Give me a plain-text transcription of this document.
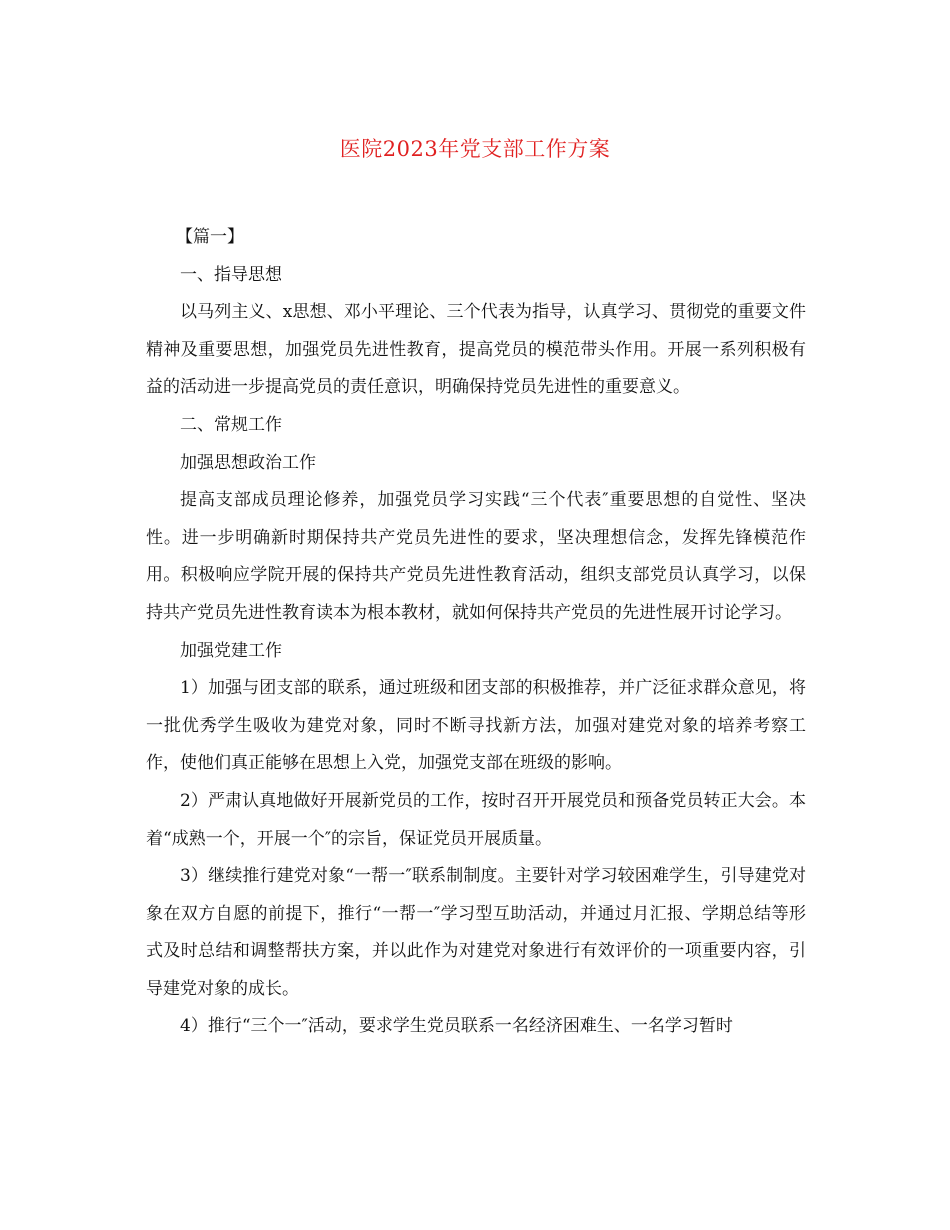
医院2023年党支部工作方案

【篇一】

一、指导思想

以马列主义、x思想、邓小平理论、三个代表为指导，认真学习、贯彻党的重要文件精神及重要思想，加强党员先进性教育，提高党员的模范带头作用。开展一系列积极有益的活动进一步提高党员的责任意识，明确保持党员先进性的重要意义。

二、常规工作

加强思想政治工作

提高支部成员理论修养，加强党员学习实践“三个代表″重要思想的自觉性、坚决性。进一步明确新时期保持共产党员先进性的要求，坚决理想信念，发挥先锋模范作用。积极响应学院开展的保持共产党员先进性教育活动，组织支部党员认真学习，以保持共产党员先进性教育读本为根本教材，就如何保持共产党员的先进性展开讨论学习。

加强党建工作

1）加强与团支部的联系，通过班级和团支部的积极推荐，并广泛征求群众意见，将一批优秀学生吸收为建党对象，同时不断寻找新方法，加强对建党对象的培养考察工作，使他们真正能够在思想上入党，加强党支部在班级的影响。

2）严肃认真地做好开展新党员的工作，按时召开开展党员和预备党员转正大会。本着“成熟一个，开展一个″的宗旨，保证党员开展质量。

3）继续推行建党对象“一帮一″联系制制度。主要针对学习较困难学生，引导建党对象在双方自愿的前提下，推行“一帮一″学习型互助活动，并通过月汇报、学期总结等形式及时总结和调整帮扶方案，并以此作为对建党对象进行有效评价的一项重要内容，引导建党对象的成长。

4）推行“三个一″活动，要求学生党员联系一名经济困难生、一名学习暂时
